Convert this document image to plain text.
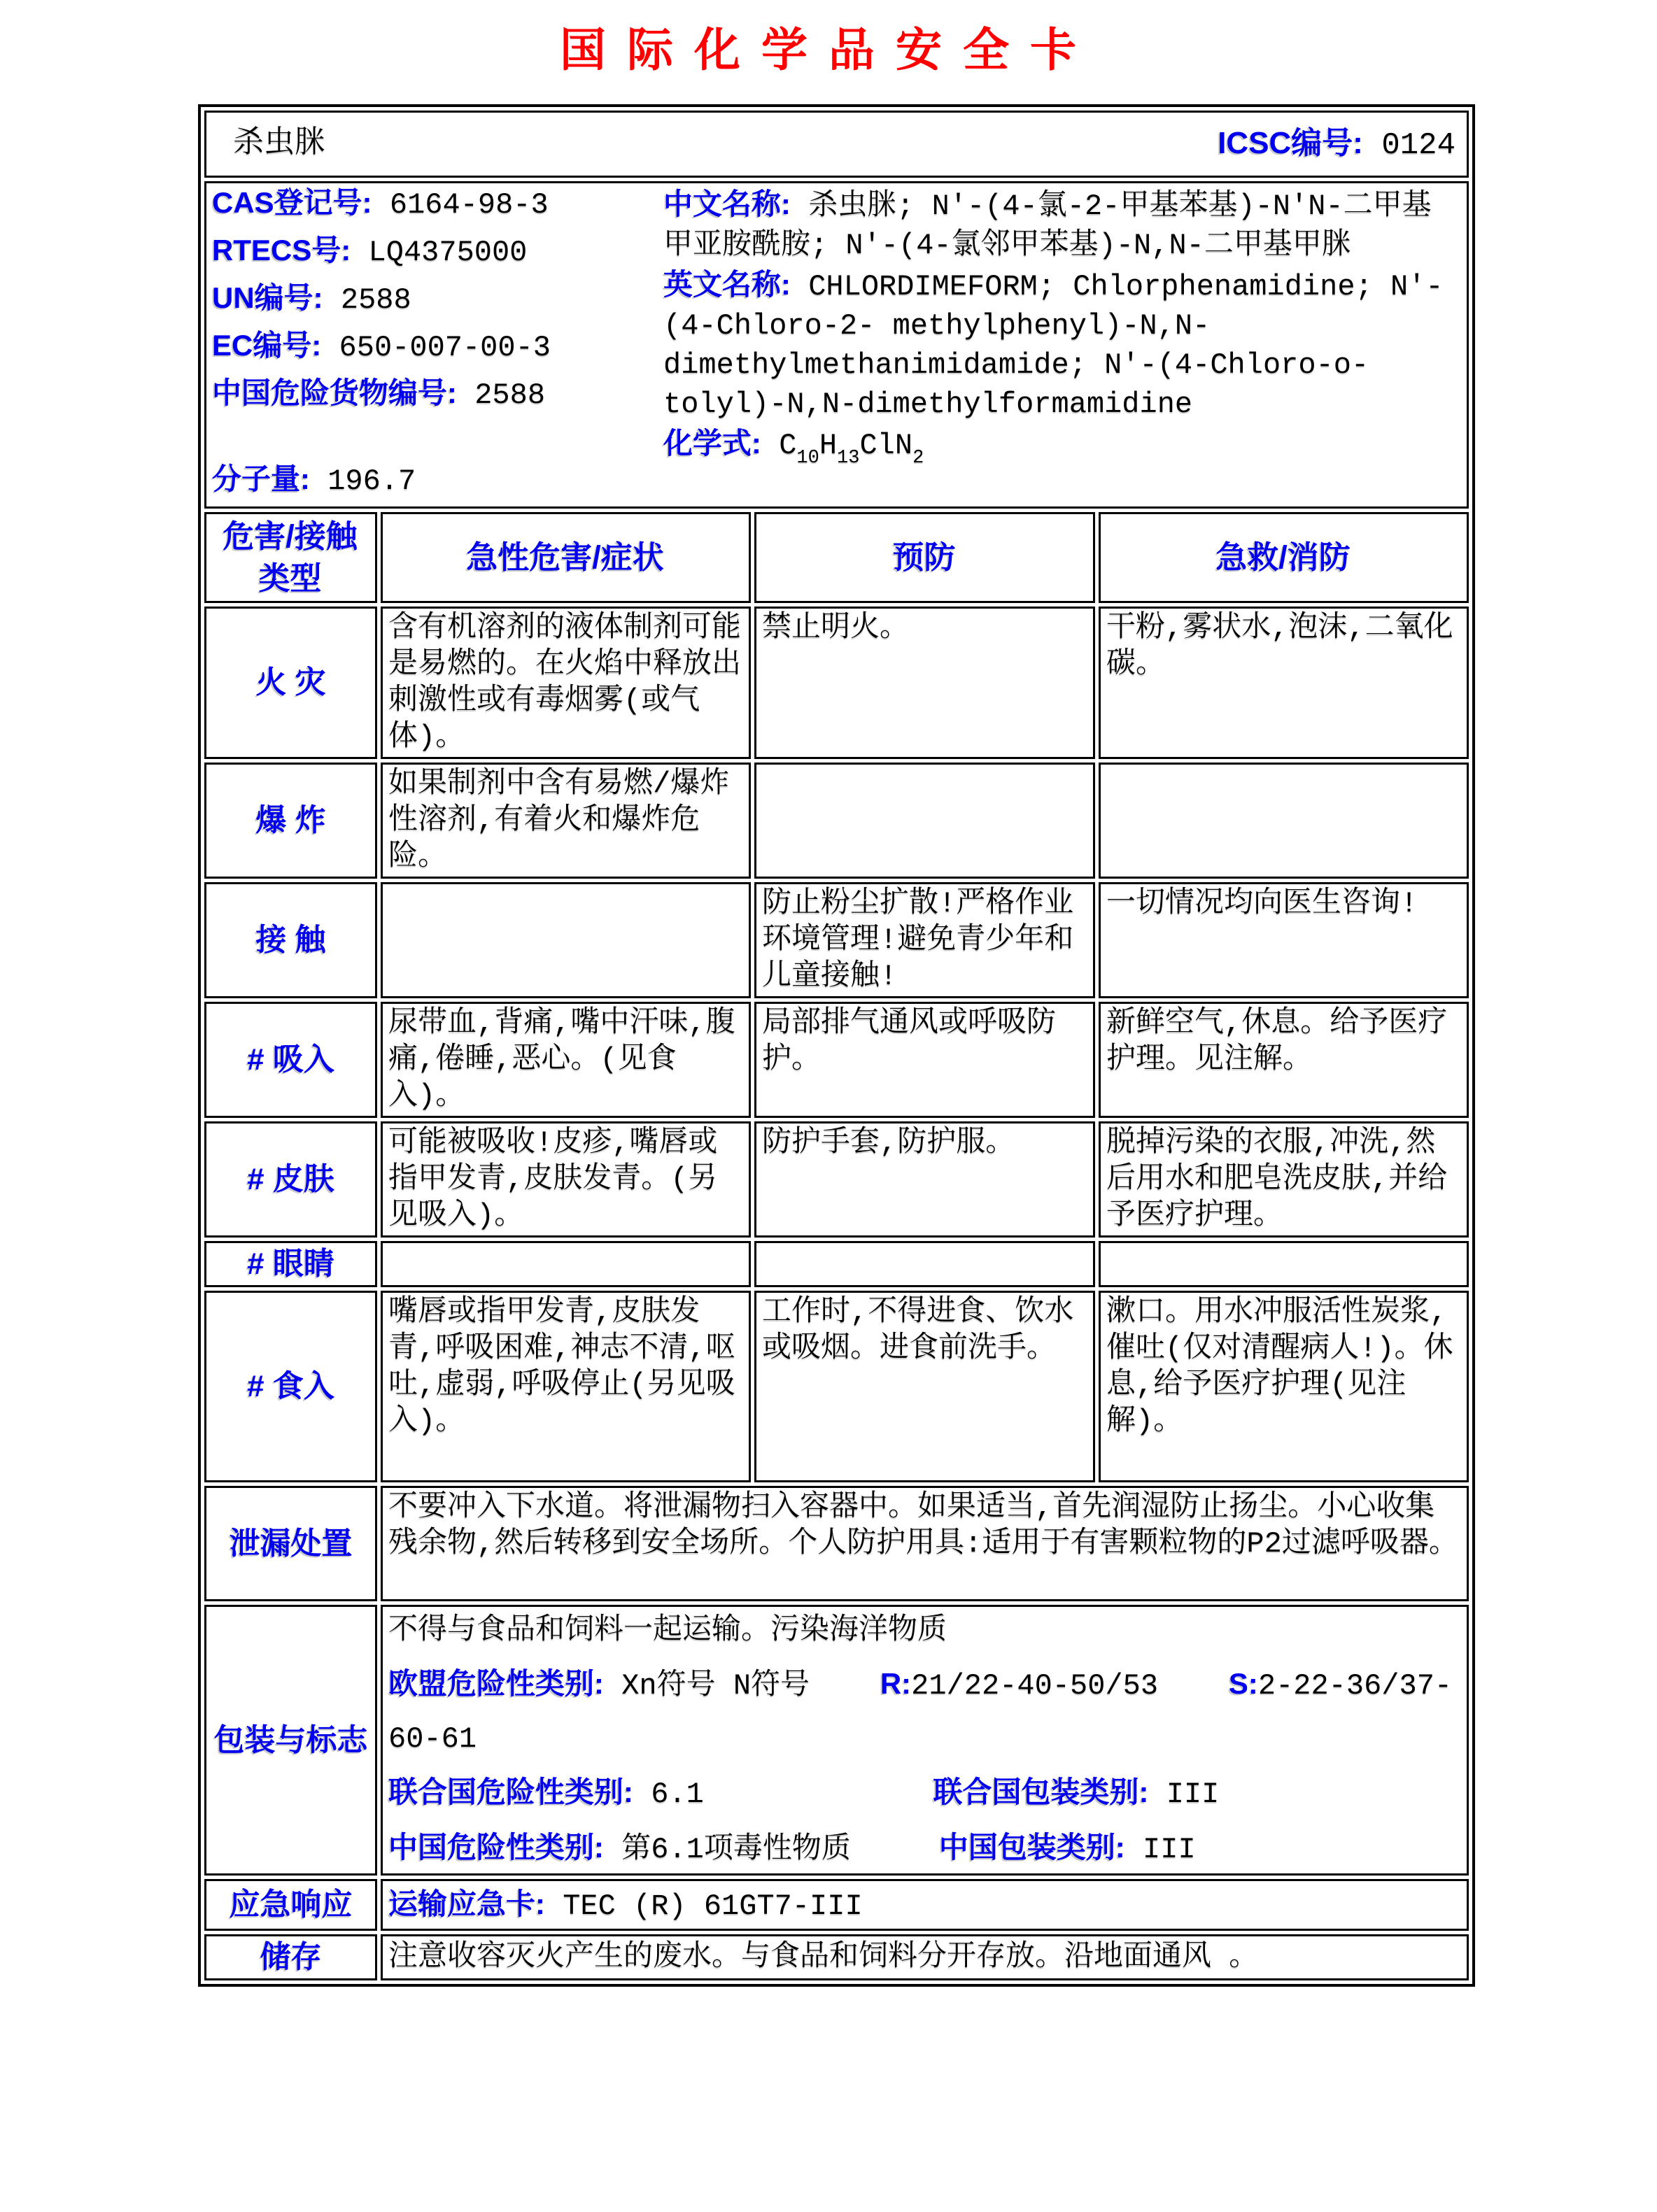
国际化学品安全卡
杀虫脒 ICSC编号: 0124			

CAS登记号: 6164-98-3
RTECS号: LQ4375000
UN编号: 2588
EC编号: 650-007-00-3
中国危险货物编号: 2588
分子量: 196.7

中文名称: 杀虫脒; N'-(4-氯-2-甲基苯基)-N'N-二甲基甲亚胺酰胺; N'-(4-氯邻甲苯基)-N,N-二甲基甲脒

英文名称: CHLORDIMEFORM; Chlorphenamidine; N'-(4-Chloro-2- methylphenyl)-N,N-dimethylmethanimidamide; N'-(4-Chloro-o-tolyl)-N,N-dimethylformamidine

化学式: $C_{10}H_{13}ClN_2$

危害/接触
类型	急性危害/症状	预防	急救/消防
火 灾	含有机溶剂的液体制剂可能是易燃的。在火焰中释放出刺激性或有毒烟雾(或气体)。	禁止明火。	干粉,雾状水,泡沫,二氧化碳。
爆 炸	如果制剂中含有易燃/爆炸性溶剂,有着火和爆炸危险。		
接 触		防止粉尘扩散!严格作业环境管理!避免青少年和儿童接触!	一切情况均向医生咨询!
# 吸入	尿带血,背痛,嘴中汗味,腹痛,倦睡,恶心。(见食入)。	局部排气通风或呼吸防护。	新鲜空气,休息。给予医疗护理。见注解。
# 皮肤	可能被吸收!皮疹,嘴唇或指甲发青,皮肤发青。(另见吸入)。	防护手套,防护服。	脱掉污染的衣服,冲洗,然后用水和肥皂洗皮肤,并给予医疗护理。
# 眼睛			
# 食入	嘴唇或指甲发青,皮肤发青,呼吸困难,神志不清,呕吐,虚弱,呼吸停止(另见吸入)。	工作时,不得进食、饮水或吸烟。进食前洗手。	漱口。用水冲服活性炭浆,催吐(仅对清醒病人!)。休息,给予医疗护理(见注解)。
泄漏处置	不要冲入下水道。将泄漏物扫入容器中。如果适当,首先润湿防止扬尘。小心收集残余物,然后转移到安全场所。个人防护用具:适用于有害颗粒物的P2过滤呼吸器。		
包装与标志	不得与食品和饲料一起运输。污染海洋物质
欧盟危险性类别: Xn符号 N符号    R:21/22-40-50/53    S:2-22-36/37-
60-61
联合国危险性类别: 6.1             联合国包装类别: III
中国危险性类别: 第6.1项毒性物质     中国包装类别: III		

应急响应	运输应急卡: TEC (R) 61GT7-III		
储存	注意收容灭火产生的废水。与食品和饲料分开存放。沿地面通风 。		
